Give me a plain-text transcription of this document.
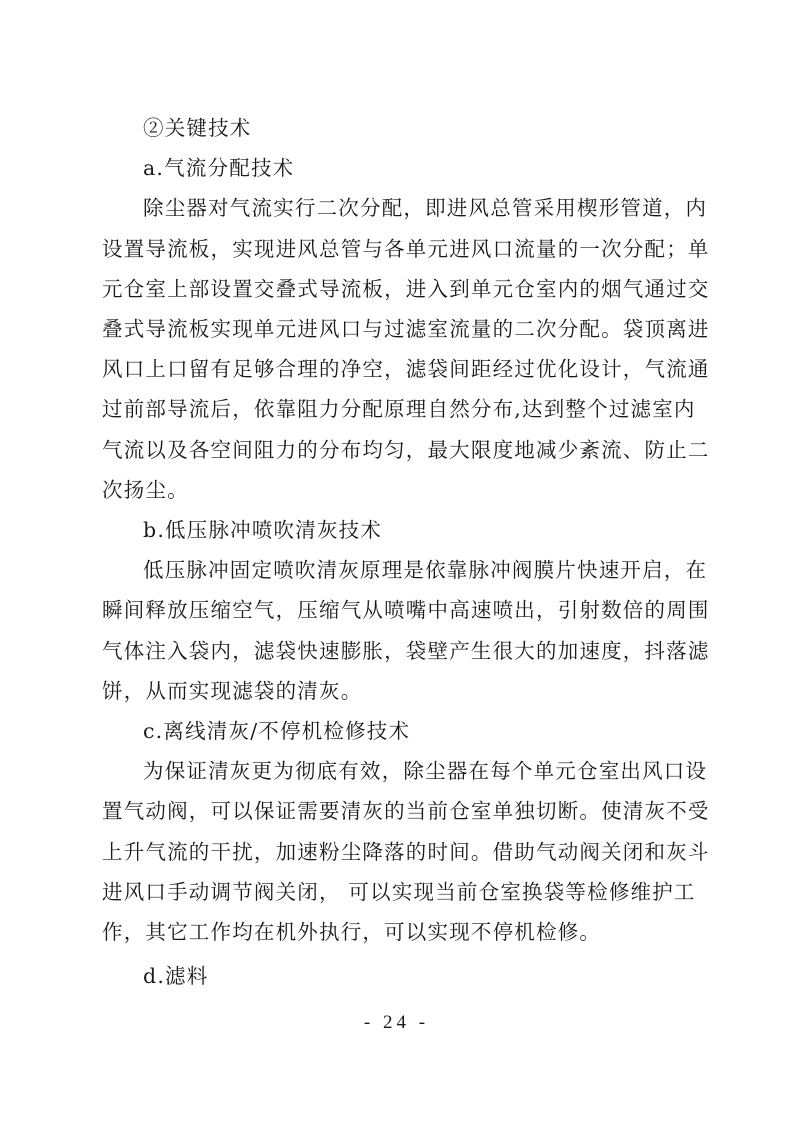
②关键技术

a.气流分配技术

除尘器对气流实行二次分配，即进风总管采用楔形管道，内

设置导流板，实现进风总管与各单元进风口流量的一次分配；单

元仓室上部设置交叠式导流板，进入到单元仓室内的烟气通过交

叠式导流板实现单元进风口与过滤室流量的二次分配。袋顶离进

风口上口留有足够合理的净空，滤袋间距经过优化设计，气流通

过前部导流后，依靠阻力分配原理自然分布,达到整个过滤室内

气流以及各空间阻力的分布均匀，最大限度地减少紊流、防止二

次扬尘。

b.低压脉冲喷吹清灰技术

低压脉冲固定喷吹清灰原理是依靠脉冲阀膜片快速开启，在

瞬间释放压缩空气，压缩气从喷嘴中高速喷出，引射数倍的周围

气体注入袋内，滤袋快速膨胀，袋壁产生很大的加速度，抖落滤

饼，从而实现滤袋的清灰。

c.离线清灰/不停机检修技术

为保证清灰更为彻底有效，除尘器在每个单元仓室出风口设

置气动阀，可以保证需要清灰的当前仓室单独切断。使清灰不受

上升气流的干扰，加速粉尘降落的时间。借助气动阀关闭和灰斗

进风口手动调节阀关闭， 可以实现当前仓室换袋等检修维护工

作，其它工作均在机外执行，可以实现不停机检修。

d.滤料

- 24 -
